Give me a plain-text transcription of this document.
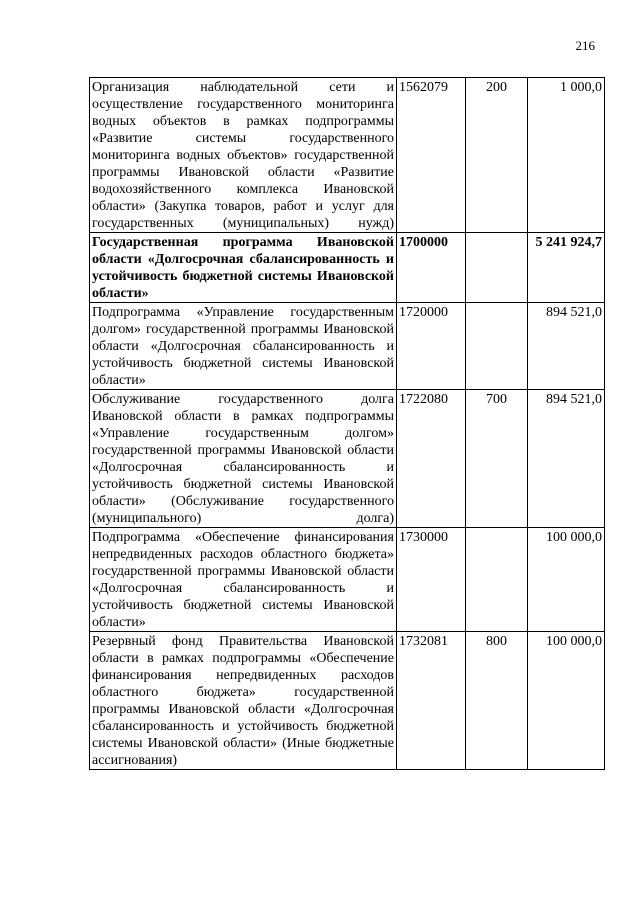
216
Организация наблюдательной сети и осуществление государственного мониторинга водных объектов в рамках подпрограммы «Развитие системы государственного мониторинга водных объектов» государственной программы Ивановской области «Развитие водохозяйственного комплекса Ивановской области» (Закупка товаров, работ и услуг для государственных (муниципальных) нужд)	1562079	200	1 000,0
Государственная программа Ивановской области «Долгосрочная сбалансированность и устойчивость бюджетной системы Ивановской области»	1700000		5 241 924,7
Подпрограмма «Управление государственным долгом» государственной программы Ивановской области «Долгосрочная сбалансированность и устойчивость бюджетной системы Ивановской области»	1720000		894 521,0
Обслуживание государственного долга Ивановской области в рамках подпрограммы «Управление государственным долгом» государственной программы Ивановской области «Долгосрочная сбалансированность и устойчивость бюджетной системы Ивановской области» (Обслуживание государственного (муниципального) долга)	1722080	700	894 521,0
Подпрограмма «Обеспечение финансирования непредвиденных расходов областного бюджета» государственной программы Ивановской области «Долгосрочная сбалансированность и устойчивость бюджетной системы Ивановской области»	1730000		100 000,0
Резервный фонд Правительства Ивановской области в рамках подпрограммы «Обеспечение финансирования непредвиденных расходов областного бюджета» государственной программы Ивановской области «Долгосрочная сбалансированность и устойчивость бюджетной системы Ивановской области» (Иные бюджетные ассигнования)	1732081	800	100 000,0
